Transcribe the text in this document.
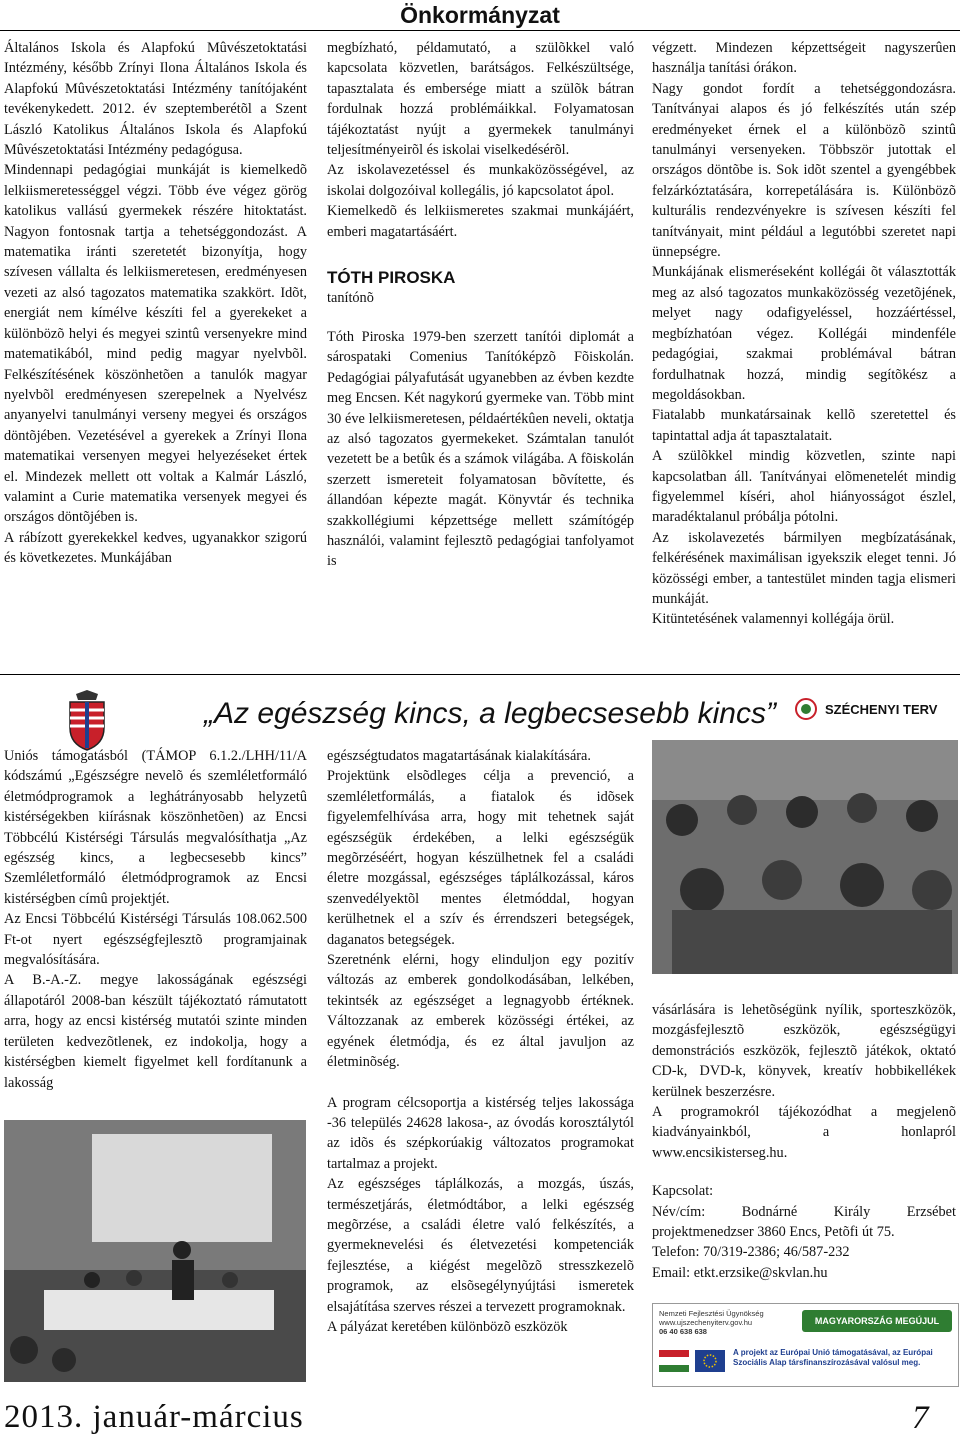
Önkormányzat

Általános Iskola és Alapfokú Mûvészetoktatási Intézmény, később Zrínyi Ilona Általános Iskola és Alapfokú Mûvészetoktatási Intézmény tanítójaként tevékenykedett. 2012. év szeptemberétõl a Szent László Katolikus Általános Iskola és Alapfokú Mûvészetoktatási Intézmény pedagógusa.

Mindennapi pedagógiai munkáját is kiemelkedõ lelkiismeretességgel végzi. Több éve végez görög katolikus vallású gyermekek részére hitoktatást. Nagyon fontosnak tartja a tehetséggondozást. A matematika iránti szeretetét bizonyítja, hogy szívesen vállalta és lelkiismeretesen, eredményesen vezeti az alsó tagozatos matematika szakkört. Idõt, energiát nem kímélve készíti fel a gyerekeket a különbözõ helyi és megyei szintû versenyekre mind matematikából, mind pedig magyar nyelvbõl. Felkészítésének köszönhetõen a tanulók magyar nyelvbõl eredményesen szerepelnek a Nyelvész anyanyelvi tanulmányi verseny megyei és országos döntõjében. Vezetésével a gyerekek a Zrínyi Ilona matematikai versenyen megyei helyezéseket értek el. Mindezek mellett ott voltak a Kalmár László, valamint a Curie matematika versenyek megyei és országos döntõjében is.

A rábízott gyerekekkel kedves, ugyanakkor szigorú és következetes. Munkájában

megbízható, példamutató, a szülõkkel való kapcsolata közvetlen, barátságos. Felkészültsége, tapasztalata és embersége miatt a szülõk bátran fordulnak hozzá problémáikkal. Folyamatosan tájékoztatást nyújt a gyermekek tanulmányi teljesítményeirõl és iskolai viselkedésérõl.

Az iskolavezetéssel és munkaközösségével, az iskolai dolgozóival kollegális, jó kapcsolatot ápol.

Kiemelkedõ és lelkiismeretes szakmai munkájáért, emberi magatartásáért.

TÓTH PIROSKA

tanítónõ

Tóth Piroska 1979-ben szerzett tanítói diplomát a sárospataki Comenius Tanítóképzõ Fõiskolán. Pedagógiai pályafutását ugyanebben az évben kezdte meg Encsen. Két nagykorú gyermeke van. Több mint 30 éve lelkiismeretesen, példaértékûen neveli, oktatja az alsó tagozatos gyermekeket. Számtalan tanulót vezetett be a betûk és a számok világába. A fõiskolán szerzett ismereteit folyamatosan bõvítette, és állandóan képezte magát. Könyvtár és technika szakkollégiumi képzettsége mellett számítógép használói, valamint fejlesztõ pedagógiai tanfolyamot is

végzett. Mindezen képzettségeit nagyszerûen használja tanítási órákon.

Nagy gondot fordít a tehetséggondozásra. Tanítványai alapos és jó felkészítés után szép eredményeket érnek el a különbözõ szintû tanulmányi versenyeken. Többször jutottak el országos döntõbe is. Sok idõt szentel a gyengébbek felzárkóztatására, korrepetálására is. Különbözõ kulturális rendezvényekre is szívesen készíti fel tanítványait, mint például a legutóbbi szeretet napi ünnepségre.

Munkájának elismeréseként kollégái õt választották meg az alsó tagozatos munkaközösség vezetõjének, melyet nagy odafigyeléssel, hozzáértéssel, megbízhatóan végez. Kollégái mindenféle pedagógiai, szakmai problémával bátran fordulhatnak hozzá, mindig segítõkész a megoldásokban.

Fiatalabb munkatársainak kellõ szeretettel és tapintattal adja át tapasztalatait.

A szülõkkel mindig közvetlen, szinte napi kapcsolatban áll. Tanítványai elõmenetelét mindig figyelemmel kíséri, ahol hiányosságot észlel, maradéktalanul próbálja pótolni.

Az iskolavezetés bármilyen megbízatásának, felkérésének maximálisan igyekszik eleget tenni. Jó közösségi ember, a tantestület minden tagja elismeri munkáját.

Kitüntetésének valamennyi kollégája örül.

„Az egészség kincs, a legbecsesebb kincs”	SZÉCHENYI TERV

Uniós támogatásból (TÁMOP 6.1.2./LHH/11/A kódszámú „Egészségre nevelõ és szemléletformáló életmódprogramok a leghátrányosabb helyzetû kistérségekben kiírásnak köszönhetõen) az Encsi Többcélú Kistérségi Társulás megvalósíthatja „Az egészség kincs, a legbecsesebb kincs” Szemléletformáló életmódprogramok az Encsi kistérségben címû projektjét.

Az Encsi Többcélú Kistérségi Társulás 108.062.500 Ft-ot nyert egészségfejlesztõ programjainak megvalósítására.

A B.-A.-Z. megye lakosságának egészségi állapotáról 2008-ban készült tájékoztató rámutatott arra, hogy az encsi kistérség mutatói szinte minden területen kedvezõtlenek, ez indokolja, hogy a kistérségben kiemelt figyelmet kell fordítanunk a lakosság

egészségtudatos magatartásának kialakítására.

Projektünk elsõdleges célja a prevenció, a szemléletformálás, a fiatalok és idõsek figyelemfelhívása arra, hogy mit tehetnek saját egészségük érdekében, a lelki egészségük megõrzéséért, hogyan készülhetnek fel a családi életre mozgással, egészséges táplálkozással, káros szenvedélyektõl mentes életmóddal, hogyan kerülhetnek el a szív és érrendszeri betegségek, daganatos betegségek.

Szeretnénk elérni, hogy elinduljon egy pozitív változás az emberek gondolkodásában, lelkében, tekintsék az egészséget a legnagyobb értéknek. Változzanak az emberek közösségi értékei, az egyének életmódja, és ez által javuljon az életminõség.

A program célcsoportja a kistérség teljes lakossága -36 település 24628 lakosa-, az óvodás korosztálytól az idõs és szépkorúakig változatos programokat tartalmaz a projekt.

Az egészséges táplálkozás, a mozgás, úszás, természetjárás, életmódtábor, a lelki egészség megõrzése, a családi életre való felkészítés, a gyermeknevelési és életvezetési kompetenciák fejlesztése, a kiégést megelõzõ stresszkezelõ programok, az elsõsegélynyújtási ismeretek elsajátítása szerves részei a tervezett programoknak.

A pályázat keretében különbözõ eszközök

vásárlására is lehetõségünk nyílik, sporteszközök, mozgásfejlesztõ eszközök, egészségügyi demonstrációs eszközök, fejlesztõ játékok, oktató CD-k, DVD-k, könyvek, kreatív hobbikellékek kerülnek beszerzésre.

A programokról tájékozódhat a megjelenõ kiadványainkból, a honlapról www.encsikisterseg.hu.

Kapcsolat:

Név/cím: Bodnárné Király Erzsébet projektmenedzser 3860 Encs, Petõfi út 75.

Telefon: 70/319-2386; 46/587-232

Email: etkt.erzsike@skvlan.hu

Nemzeti Fejlesztési Ügynökség
www.ujszechenyiterv.gov.hu
06 40 638 638
MAGYARORSZÁG MEGÚJUL
A projekt az Európai Unió támogatásával, az Európai Szociális Alap társfinanszírozásával valósul meg.
2013. január-március	7
